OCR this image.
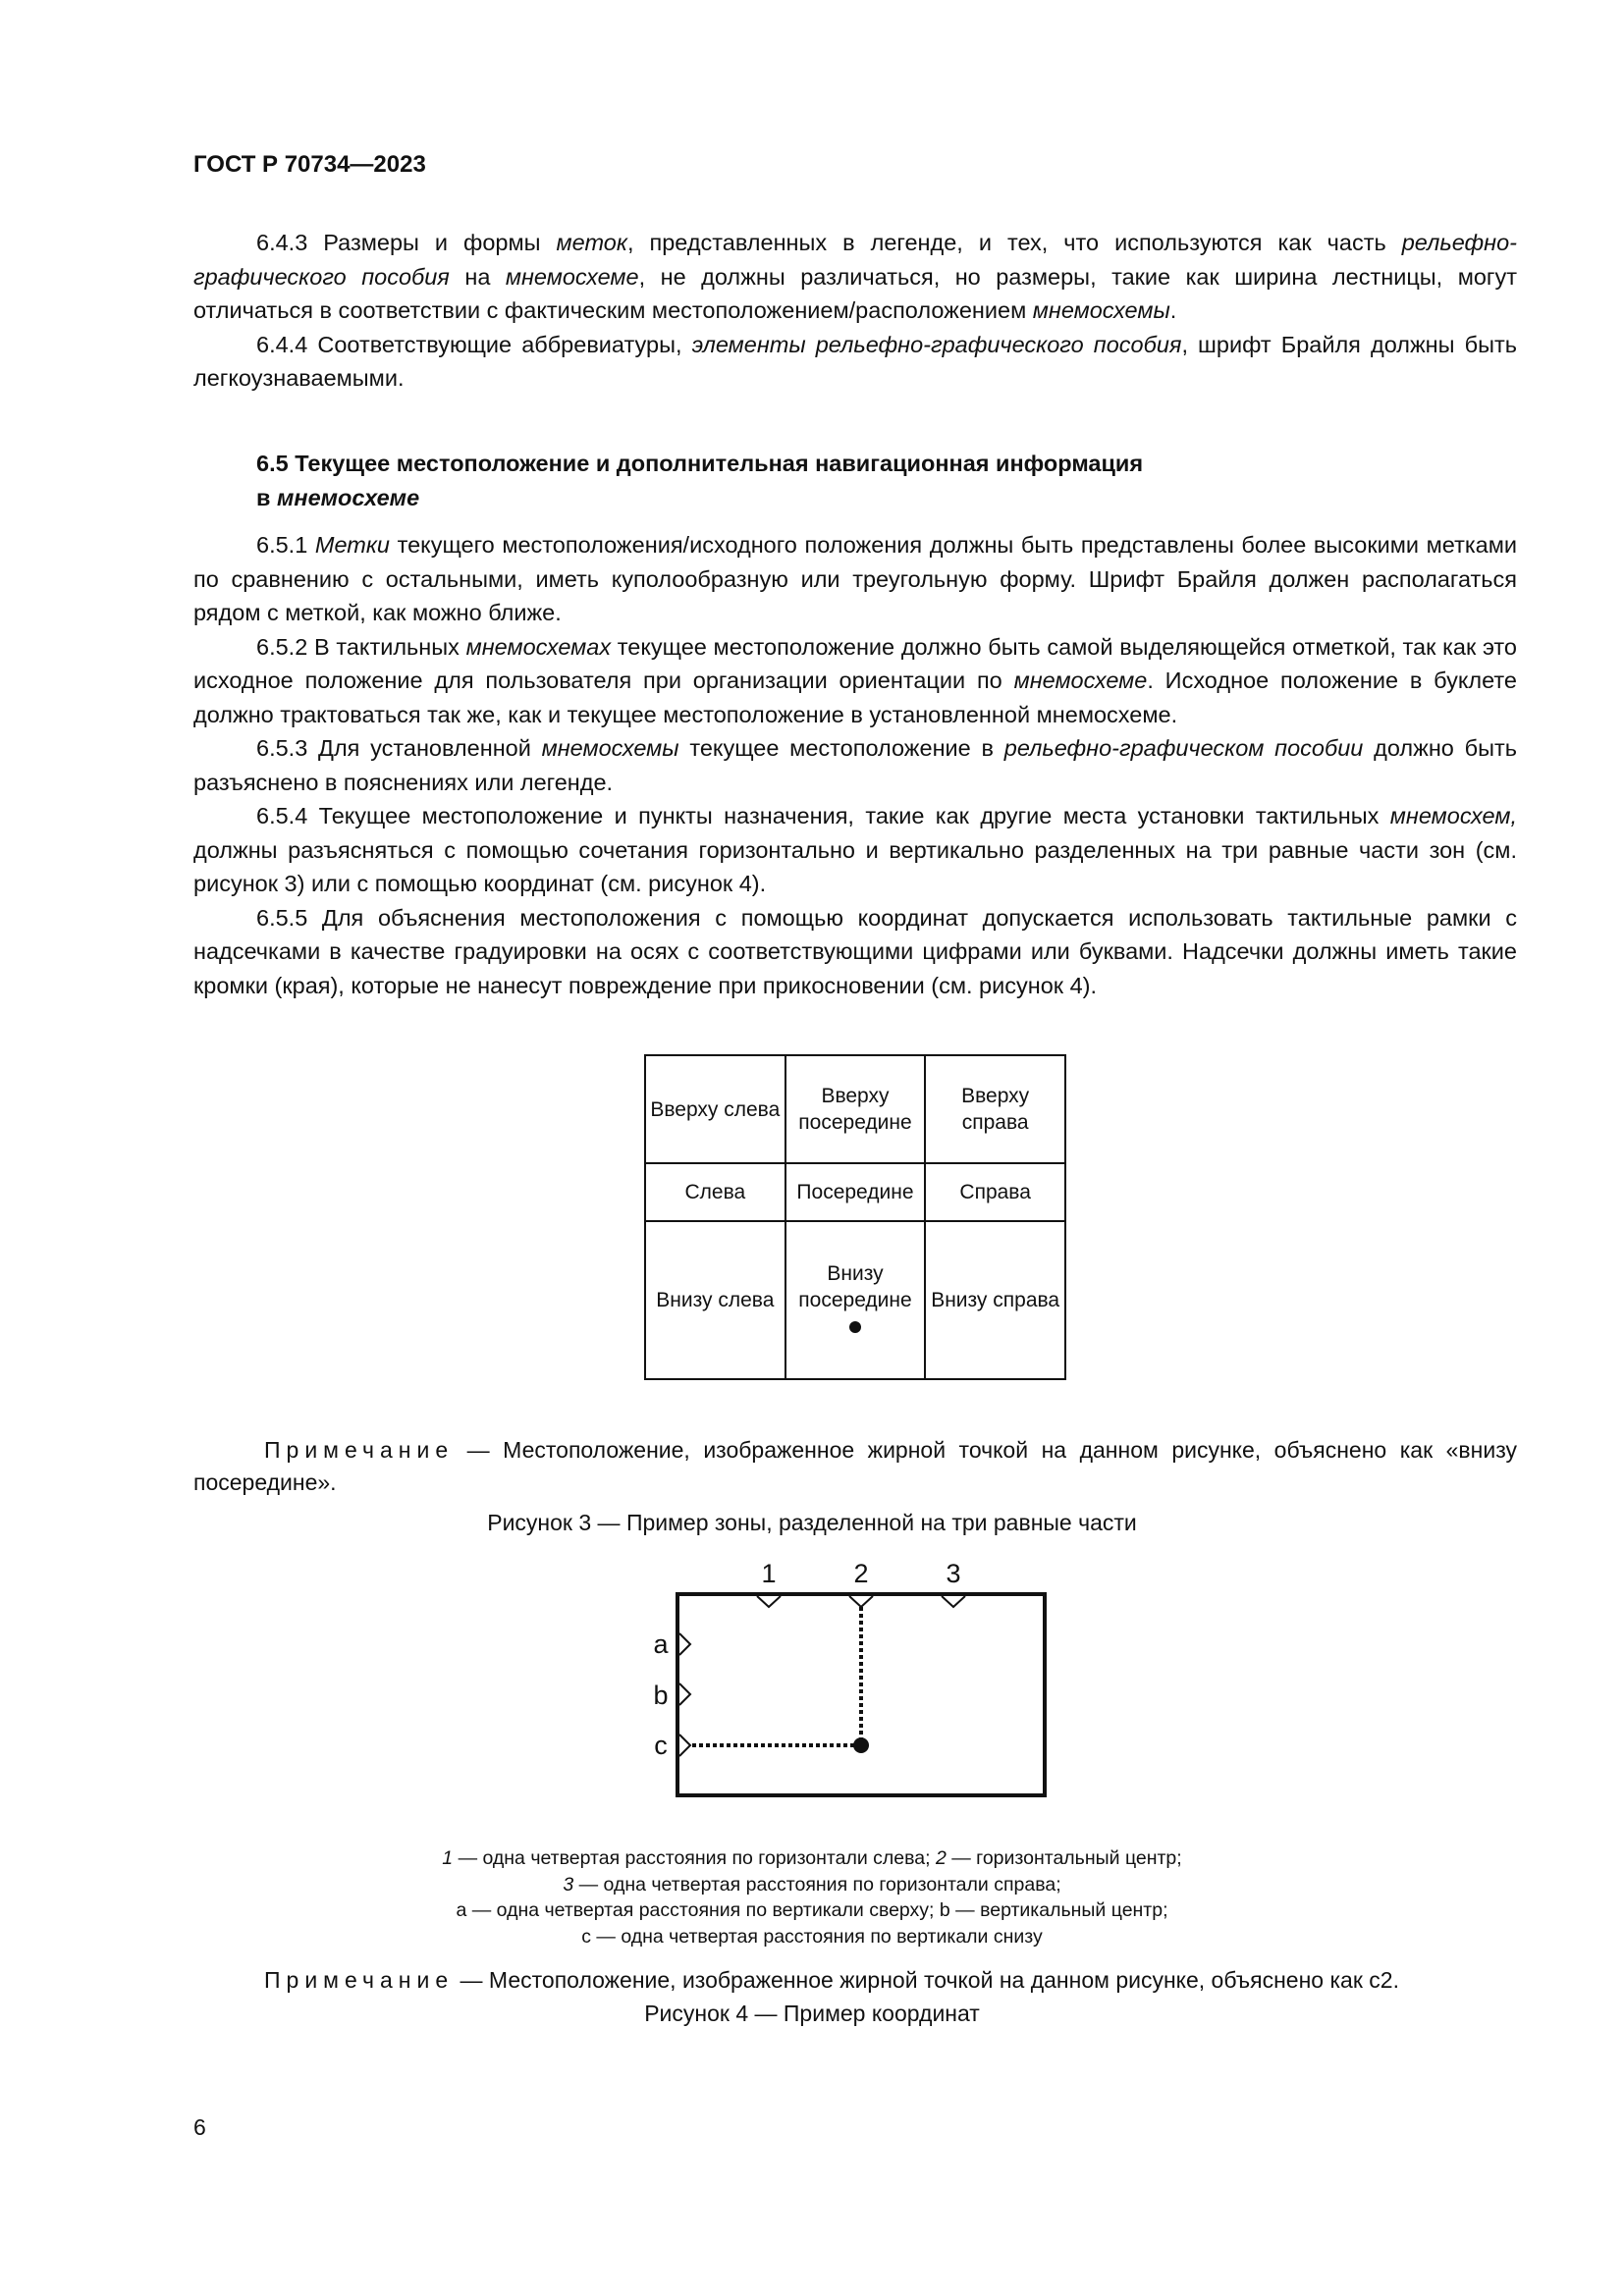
ГОСТ Р 70734—2023

6.4.3 Размеры и формы меток, представленных в легенде, и тех, что используются как часть рельефно-графического пособия на мнемосхеме, не должны различаться, но размеры, такие как ширина лестницы, могут отличаться в соответствии с фактическим местоположением/расположением мнемосхемы.

6.4.4 Соответствующие аббревиатуры, элементы рельефно-графического пособия, шрифт Брайля должны быть легкоузнаваемыми.

6.5 Текущее местоположение и дополнительная навигационная информация
в мнемосхеме

6.5.1 Метки текущего местоположения/исходного положения должны быть представлены более высокими метками по сравнению с остальными, иметь куполообразную или треугольную форму. Шрифт Брайля должен располагаться рядом с меткой, как можно ближе.

6.5.2 В тактильных мнемосхемах текущее местоположение должно быть самой выделяющейся отметкой, так как это исходное положение для пользователя при организации ориентации по мнемосхеме. Исходное положение в буклете должно трактоваться так же, как и текущее местоположение в установленной мнемосхеме.

6.5.3 Для установленной мнемосхемы текущее местоположение в рельефно-графическом пособии должно быть разъяснено в пояснениях или легенде.

6.5.4 Текущее местоположение и пункты назначения, такие как другие места установки тактильных мнемосхем, должны разъясняться с помощью сочетания горизонтально и вертикально разделенных на три равные части зон (см. рисунок 3) или с помощью координат (см. рисунок 4).

6.5.5 Для объяснения местоположения с помощью координат допускается использовать тактильные рамки с надсечками в качестве градуировки на осях с соответствующими цифрами или буквами. Надсечки должны иметь такие кромки (края), которые не нанесут повреждение при прикосновении (см. рисунок 4).

Вверху слева	Вверху посередине	Вверху справа
Слева	Посередине	Справа
Внизу слева	Внизу посередине	Внизу справа
Примечание — Местоположение, изображенное жирной точкой на данном рисунке, объяснено как «внизу посередине».
Рисунок 3 — Пример зоны, разделенной на три равные части
1	2	3
a
b
c
1 — одна четвертая расстояния по горизонтали слева; 2 — горизонтальный центр;
3 — одна четвертая расстояния по горизонтали справа;
a — одна четвертая расстояния по вертикали сверху; b — вертикальный центр;
c — одна четвертая расстояния по вертикали снизу
Примечание — Местоположение, изображенное жирной точкой на данном рисунке, объяснено как c2.
Рисунок 4 — Пример координат
6
